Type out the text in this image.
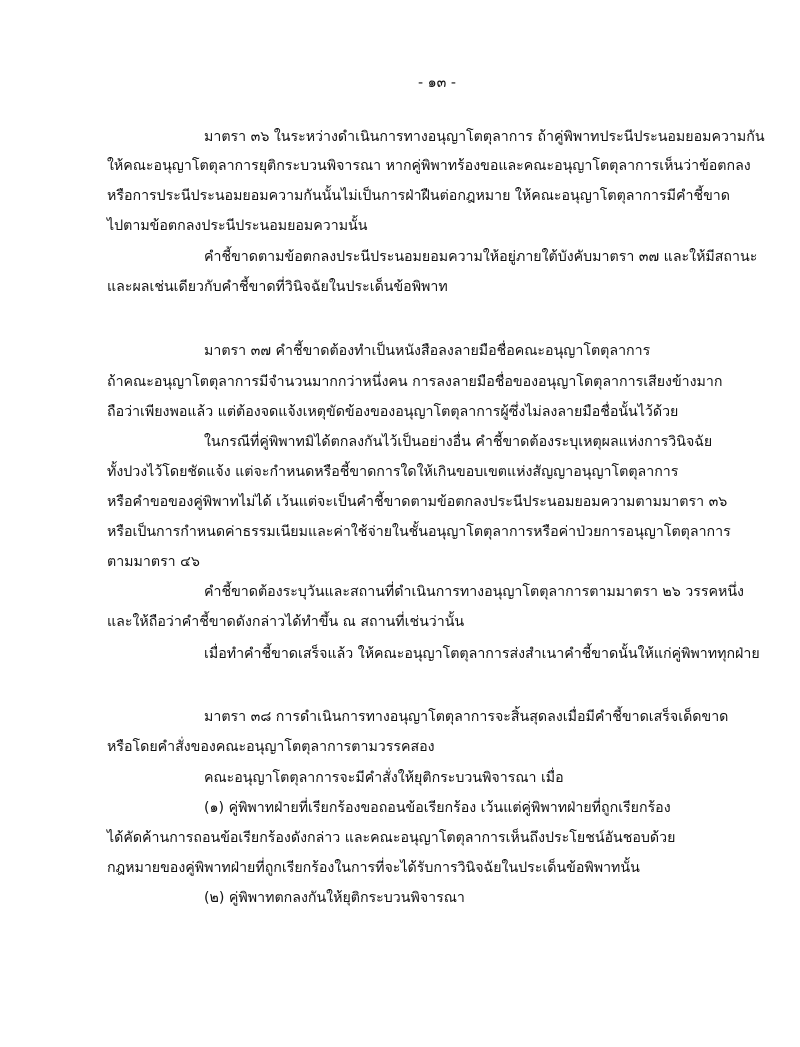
- ๑๓ -
มาตรา ๓๖ ในระหว่างดำเนินการทางอนุญาโตตุลาการ ถ้าคู่พิพาทประนีประนอมยอมความกัน
ให้คณะอนุญาโตตุลาการยุติกระบวนพิจารณา หากคู่พิพาทร้องขอและคณะอนุญาโตตุลาการเห็นว่าข้อตกลง
หรือการประนีประนอมยอมความกันนั้นไม่เป็นการฝ่าฝืนต่อกฎหมาย ให้คณะอนุญาโตตุลาการมีคำชี้ขาด
ไปตามข้อตกลงประนีประนอมยอมความนั้น
คำชี้ขาดตามข้อตกลงประนีประนอมยอมความให้อยู่ภายใต้บังคับมาตรา ๓๗ และให้มีสถานะ
และผลเช่นเดียวกับคำชี้ขาดที่วินิจฉัยในประเด็นข้อพิพาท
มาตรา ๓๗ คำชี้ขาดต้องทำเป็นหนังสือลงลายมือชื่อคณะอนุญาโตตุลาการ
ถ้าคณะอนุญาโตตุลาการมีจำนวนมากกว่าหนึ่งคน การลงลายมือชื่อของอนุญาโตตุลาการเสียงข้างมาก
ถือว่าเพียงพอแล้ว แต่ต้องจดแจ้งเหตุขัดข้องของอนุญาโตตุลาการผู้ซึ่งไม่ลงลายมือชื่อนั้นไว้ด้วย
ในกรณีที่คู่พิพาทมิได้ตกลงกันไว้เป็นอย่างอื่น คำชี้ขาดต้องระบุเหตุผลแห่งการวินิจฉัย
ทั้งปวงไว้โดยชัดแจ้ง แต่จะกำหนดหรือชี้ขาดการใดให้เกินขอบเขตแห่งสัญญาอนุญาโตตุลาการ
หรือคำขอของคู่พิพาทไม่ได้ เว้นแต่จะเป็นคำชี้ขาดตามข้อตกลงประนีประนอมยอมความตามมาตรา ๓๖
หรือเป็นการกำหนดค่าธรรมเนียมและค่าใช้จ่ายในชั้นอนุญาโตตุลาการหรือค่าป่วยการอนุญาโตตุลาการ
ตามมาตรา ๔๖
คำชี้ขาดต้องระบุวันและสถานที่ดำเนินการทางอนุญาโตตุลาการตามมาตรา ๒๖ วรรคหนึ่ง
และให้ถือว่าคำชี้ขาดดังกล่าวได้ทำขึ้น ณ สถานที่เช่นว่านั้น
เมื่อทำคำชี้ขาดเสร็จแล้ว ให้คณะอนุญาโตตุลาการส่งสำเนาคำชี้ขาดนั้นให้แก่คู่พิพาททุกฝ่าย
มาตรา ๓๘ การดำเนินการทางอนุญาโตตุลาการจะสิ้นสุดลงเมื่อมีคำชี้ขาดเสร็จเด็ดขาด
หรือโดยคำสั่งของคณะอนุญาโตตุลาการตามวรรคสอง
คณะอนุญาโตตุลาการจะมีคำสั่งให้ยุติกระบวนพิจารณา เมื่อ
(๑) คู่พิพาทฝ่ายที่เรียกร้องขอถอนข้อเรียกร้อง เว้นแต่คู่พิพาทฝ่ายที่ถูกเรียกร้อง
ได้คัดค้านการถอนข้อเรียกร้องดังกล่าว และคณะอนุญาโตตุลาการเห็นถึงประโยชน์อันชอบด้วย
กฎหมายของคู่พิพาทฝ่ายที่ถูกเรียกร้องในการที่จะได้รับการวินิจฉัยในประเด็นข้อพิพาทนั้น
(๒) คู่พิพาทตกลงกันให้ยุติกระบวนพิจารณา
